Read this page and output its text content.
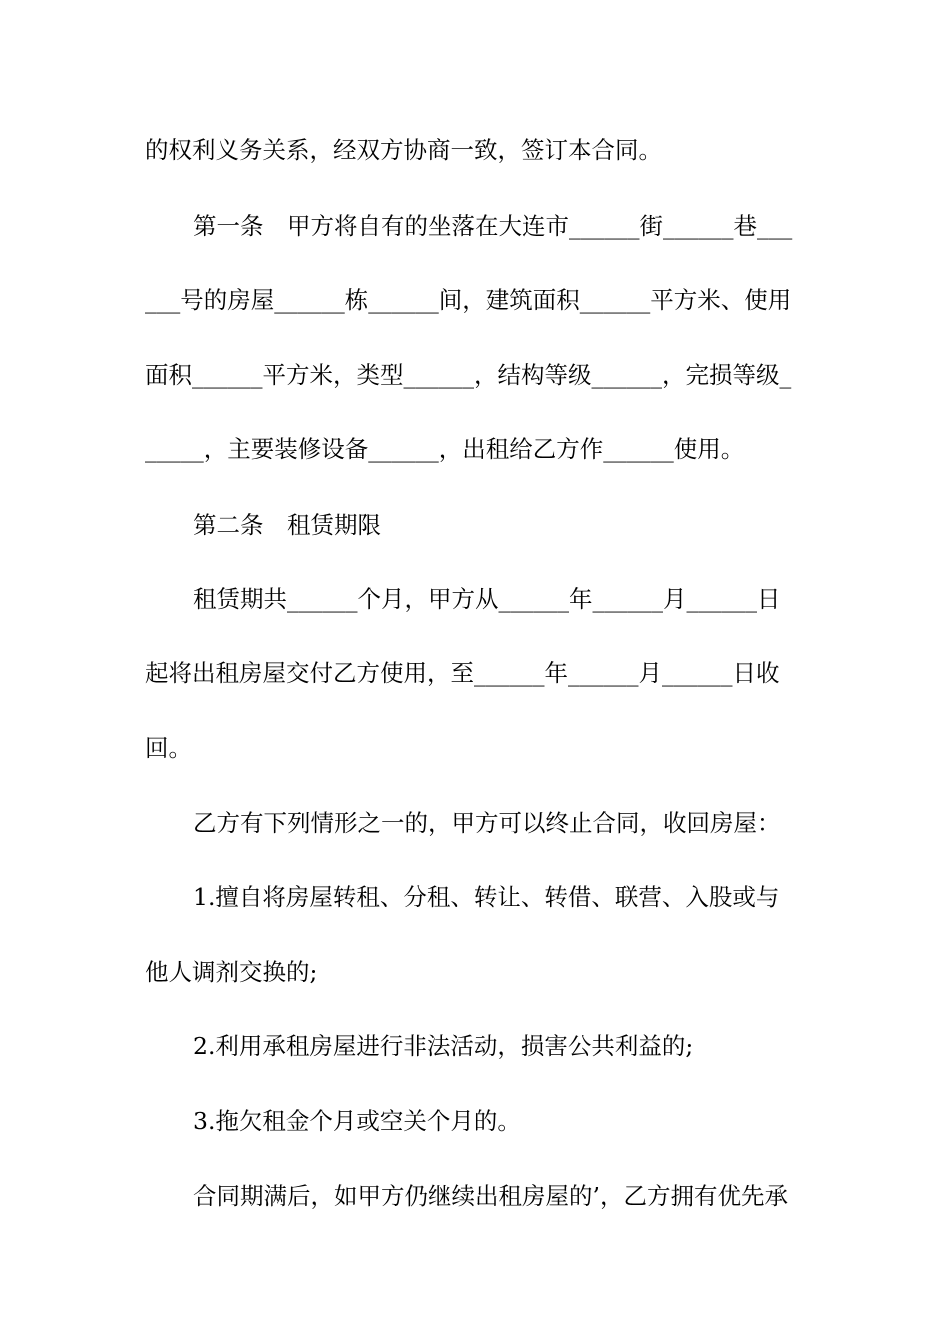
的权利义务关系，经双方协商一致，签订本合同。
第一条　甲方将自有的坐落在大连市______街______巷___
___号的房屋______栋______间，建筑面积______平方米、使用
面积______平方米，类型______，结构等级______，完损等级_
_____，主要装修设备______，出租给乙方作______使用。
第二条　租赁期限
租赁期共______个月，甲方从______年______月______日
起将出租房屋交付乙方使用，至______年______月______日收
回。
乙方有下列情形之一的，甲方可以终止合同，收回房屋：
1.擅自将房屋转租、分租、转让、转借、联营、入股或与
他人调剂交换的;
2.利用承租房屋进行非法活动，损害公共利益的;
3.拖欠租金个月或空关个月的。
合同期满后，如甲方仍继续出租房屋的’，乙方拥有优先承
